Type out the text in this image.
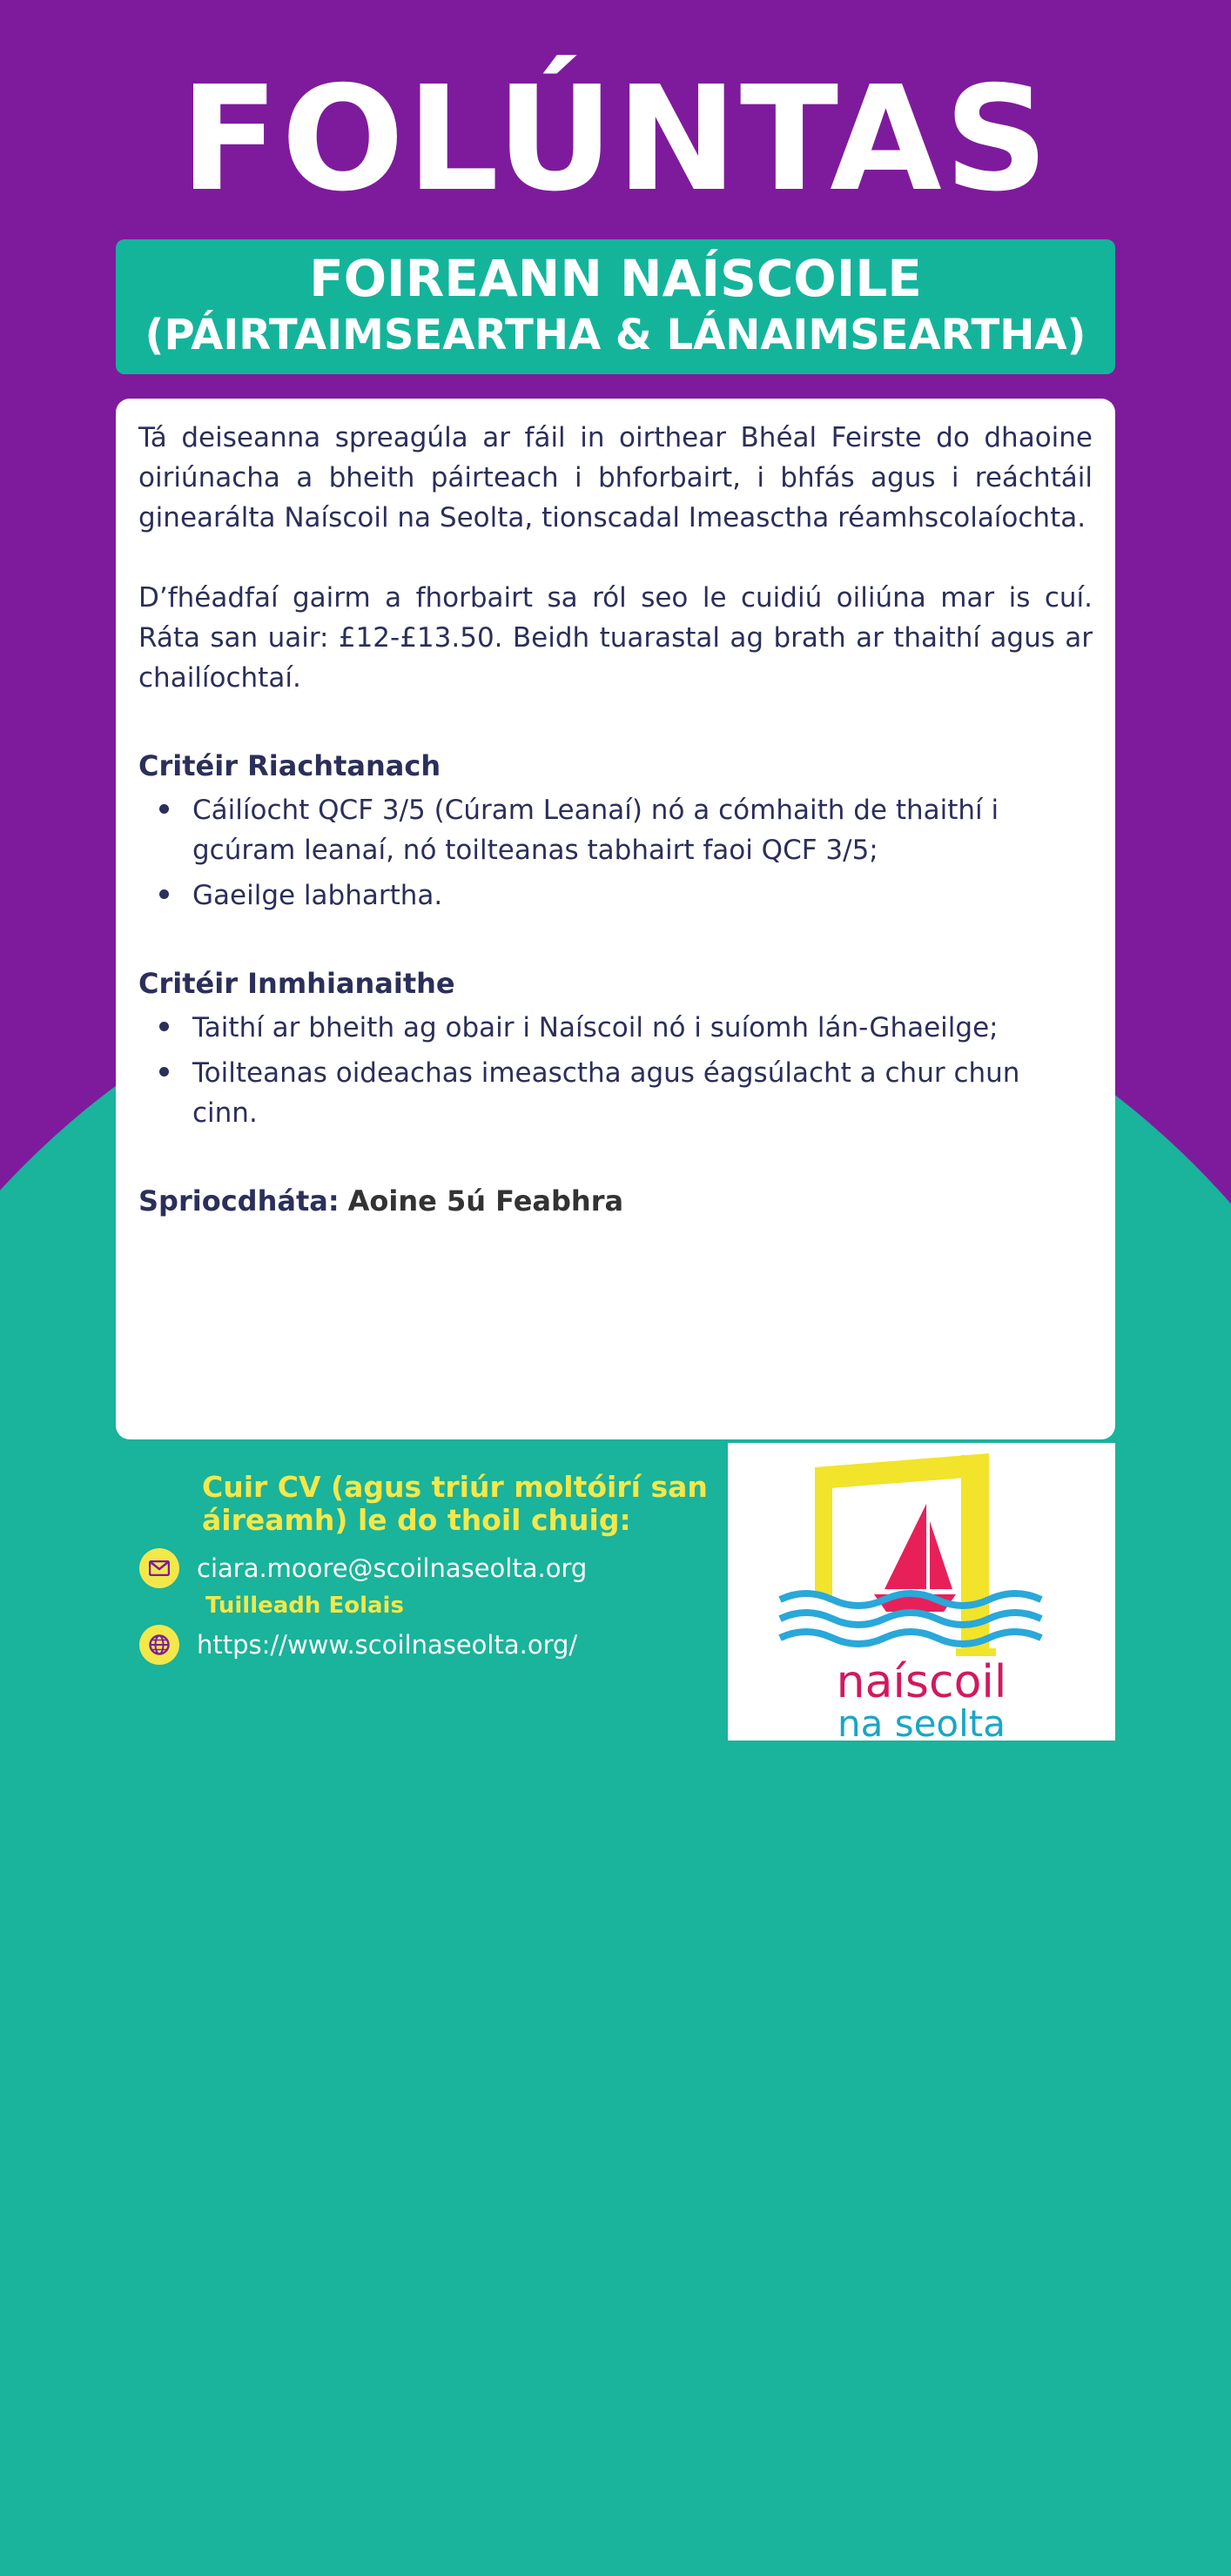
FOLÚNTAS
FOIREANN NAÍSCOILE
(PÁIRTAIMSEARTHA & LÁNAIMSEARTHA)

Tá deiseanna spreagúla ar fáil in oirthear Bhéal Feirste do dhaoine oiriúnacha a bheith páirteach i bhforbairt, i bhfás agus i reáchtáil ginearálta Naíscoil na Seolta, tionscadal Imeasctha réamhscolaíochta.

D’fhéadfaí gairm a fhorbairt sa ról seo le cuidiú oiliúna mar is cuí. Ráta san uair: £12-£13.50. Beidh tuarastal ag brath ar thaithí agus ar chailíochtaí.

Critéir Riachtanach
Cáilíocht QCF 3/5 (Cúram Leanaí) nó a cómhaith de thaithí i gcúram leanaí, nó toilteanas tabhairt faoi QCF 3/5;
Gaeilge labhartha.
Critéir Inmhianaithe
Taithí ar bheith ag obair i Naíscoil nó i suíomh lán-Ghaeilge;
Toilteanas oideachas imeasctha agus éagsúlacht a chur chun cinn.
Spriocdháta: Aoine 5ú Feabhra
Cuir CV (agus triúr moltóirí san áireamh) le do thoil chuig:
ciara.moore@scoilnaseolta.org
Tuilleadh Eolais
https://www.scoilnaseolta.org/
naíscoil
na seolta
